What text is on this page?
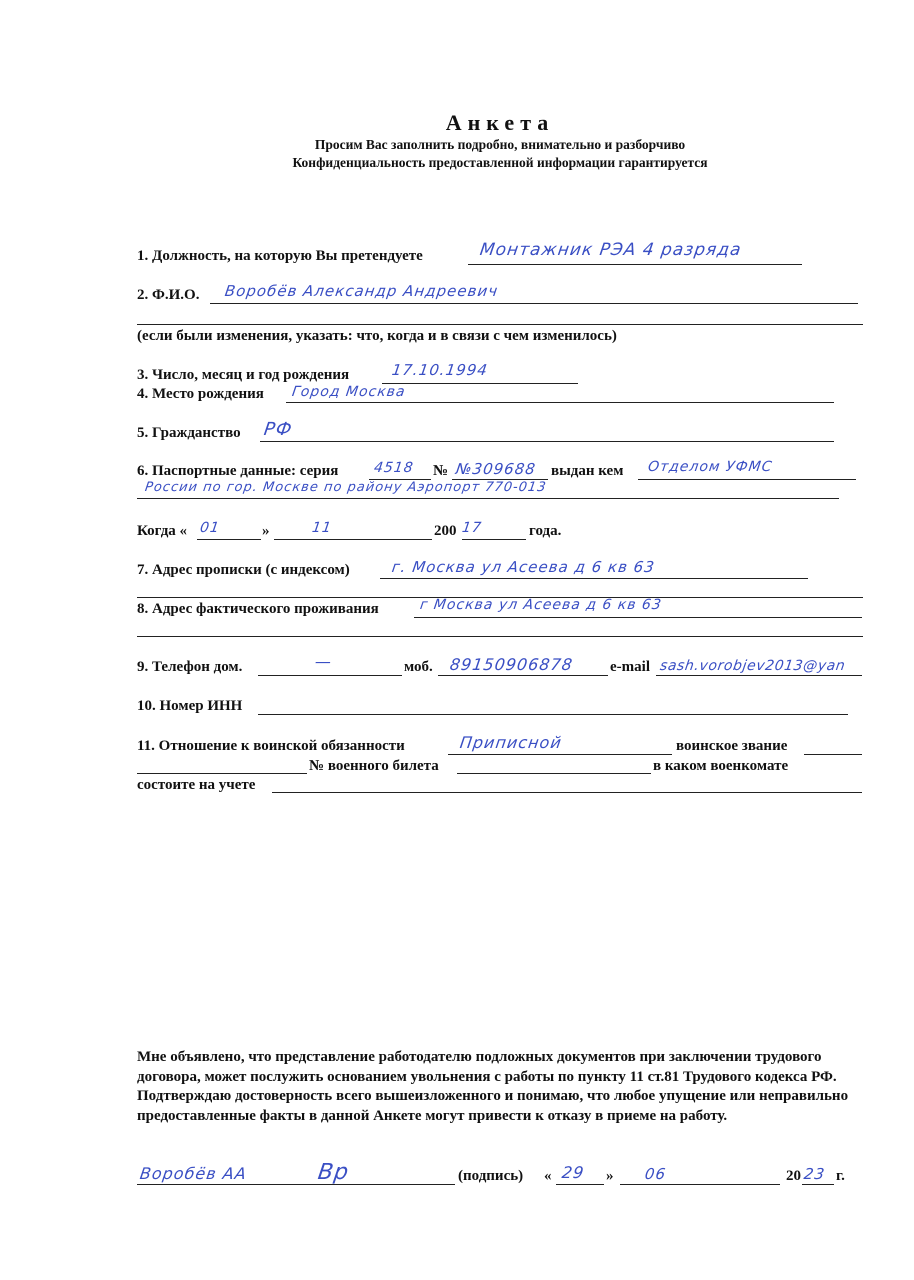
Анкета
Просим Вас заполнить подробно, внимательно и разборчиво
Конфиденциальность предоставленной информации гарантируется
1. Должность, на которую Вы претендуете	Монтажник РЭА 4 разряда
2. Ф.И.О. Воробёв Александр Андреевич
(если были изменения, указать: что, когда и в связи с чем изменилось)
3. Число, месяц и год рождения	17.10.1994
4. Место рождения Город Москва
5. Гражданство РФ
6. Паспортные данные: серия 4518 № №309688 выдан кем Отделом УФМС
России по гор. Москве по району Аэропорт 770-013
Когда « 01	»	11	200 17	года.
7. Адрес прописки (с индексом)	г. Москва ул Асеева д 6 кв 63
8. Адрес фактического проживания	г Москва ул Асеева д 6 кв 63
9. Телефон дом.	—	моб. 89150906878 e-mail sash.vorobjev2013@yan
10. Номер ИНН
11. Отношение к воинской обязанности	Приписной	воинское звание
№ военного билета	в каком военкомате
состоите на учете
Мне объявлено, что представление работодателю подложных документов при заключении трудового договора, может послужить основанием увольнения с работы по пункту 11 ст.81 Трудового кодекса РФ. Подтверждаю достоверность всего вышеизложенного и понимаю, что любое упущение или неправильно предоставленные факты в данной Анкете могут привести к отказу в приеме на работу.
Воробёв АА	Вр	(подпись) « 29 » 06	20 23 г.
